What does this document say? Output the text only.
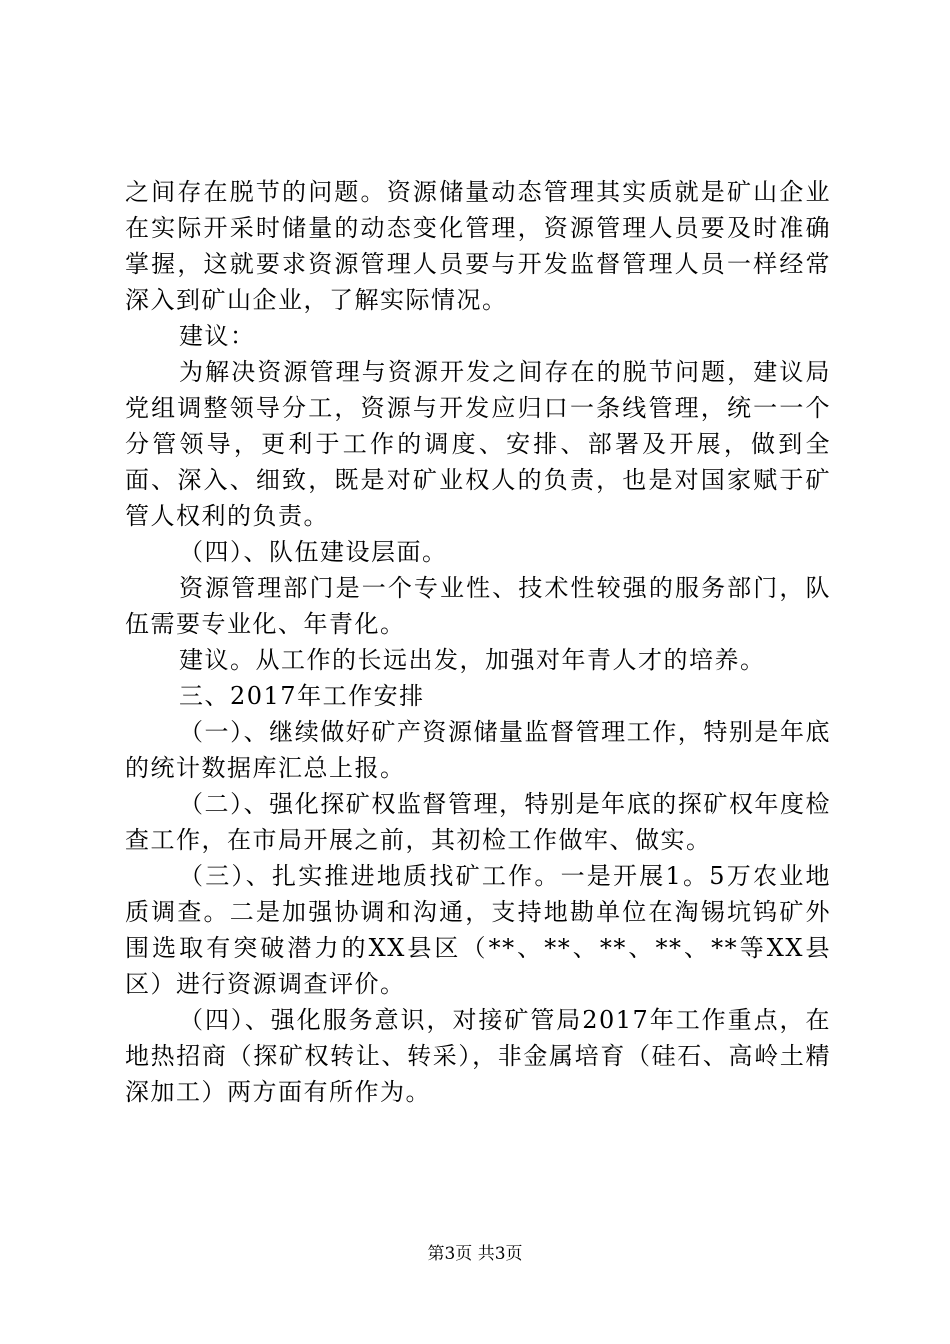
之间存在脱节的问题。资源储量动态管理其实质就是矿山企业在实际开采时储量的动态变化管理，资源管理人员要及时准确掌握，这就要求资源管理人员要与开发监督管理人员一样经常深入到矿山企业，了解实际情况。

建议：

为解决资源管理与资源开发之间存在的脱节问题，建议局党组调整领导分工，资源与开发应归口一条线管理，统一一个分管领导，更利于工作的调度、安排、部署及开展，做到全面、深入、细致，既是对矿业权人的负责，也是对国家赋于矿管人权利的负责。

（四）、队伍建设层面。

资源管理部门是一个专业性、技术性较强的服务部门，队伍需要专业化、年青化。

建议。从工作的长远出发，加强对年青人才的培养。

三、2017年工作安排

（一）、继续做好矿产资源储量监督管理工作，特别是年底的统计数据库汇总上报。

（二）、强化探矿权监督管理，特别是年底的探矿权年度检查工作，在市局开展之前，其初检工作做牢、做实。

（三）、扎实推进地质找矿工作。一是开展1。5万农业地质调查。二是加强协调和沟通，支持地勘单位在淘锡坑钨矿外围选取有突破潜力的XX县区（**、**、**、**、**等XX县区）进行资源调查评价。

（四）、强化服务意识，对接矿管局2017年工作重点，在地热招商（探矿权转让、转采），非金属培育（硅石、高岭土精深加工）两方面有所作为。

第3页 共3页
